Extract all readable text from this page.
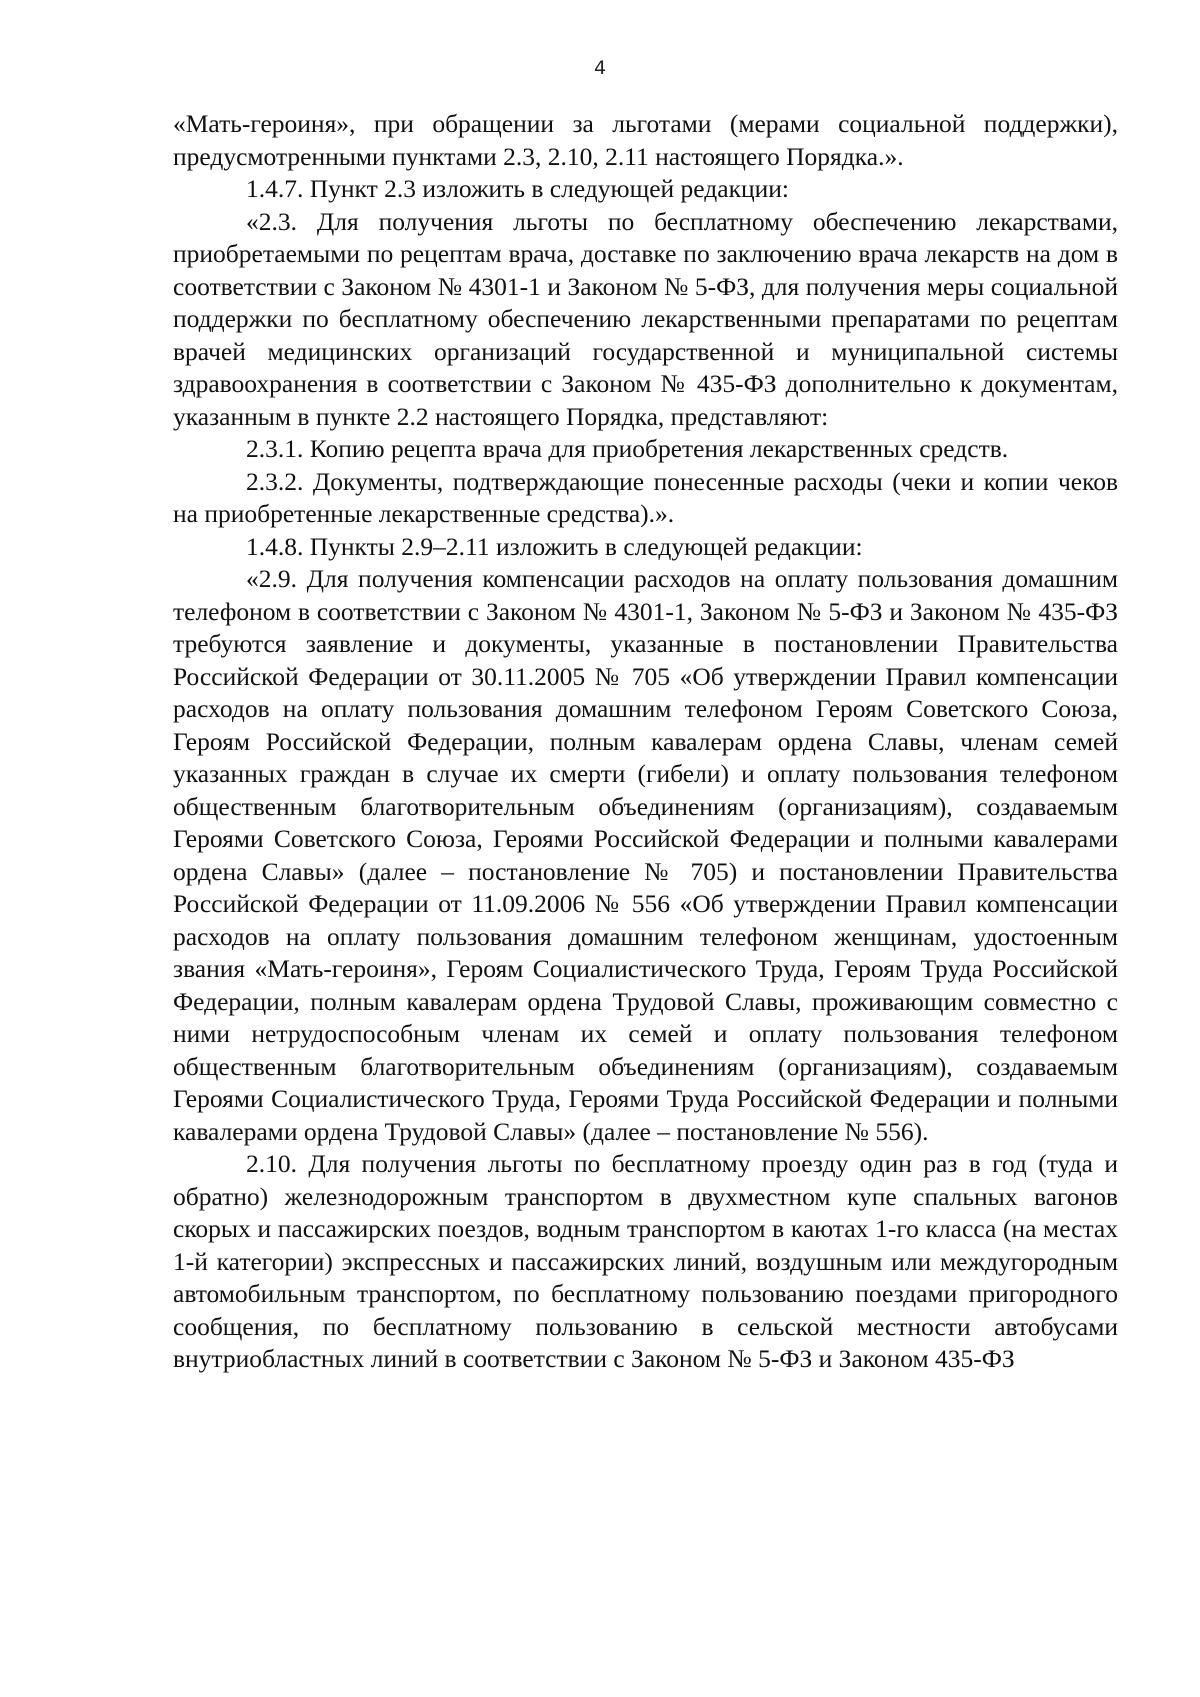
4

«Мать-героиня», при обращении за льготами (мерами социальной поддержки), предусмотренными пунктами 2.3, 2.10, 2.11 настоящего Порядка.».

1.4.7. Пункт 2.3 изложить в следующей редакции:

«2.3. Для получения льготы по бесплатному обеспечению лекарствами, приобретаемыми по рецептам врача, доставке по заключению врача лекарств на дом в соответствии с Законом № 4301-1 и Законом № 5-ФЗ, для получения меры социальной поддержки по бесплатному обеспечению лекарственными препаратами по рецептам врачей медицинских организаций государственной и муниципальной системы здравоохранения в соответствии с Законом № 435-ФЗ дополнительно к документам, указанным в пункте 2.2 настоящего Порядка, представляют:

2.3.1. Копию рецепта врача для приобретения лекарственных средств.

2.3.2. Документы, подтверждающие понесенные расходы (чеки и копии чеков на приобретенные лекарственные средства).».

1.4.8. Пункты 2.9–2.11 изложить в следующей редакции:

«2.9. Для получения компенсации расходов на оплату пользования домашним телефоном в соответствии с Законом № 4301-1, Законом № 5-ФЗ и Законом № 435-ФЗ требуются заявление и документы, указанные в постановлении Правительства Российской Федерации от 30.11.2005 № 705 «Об утверждении Правил компенсации расходов на оплату пользования домашним телефоном Героям Советского Союза, Героям Российской Федерации, полным кавалерам ордена Славы, членам семей указанных граждан в случае их смерти (гибели) и оплату пользования телефоном общественным благотворительным объединениям (организациям), создаваемым Героями Советского Союза, Героями Российской Федерации и полными кавалерами ордена Славы» (далее – постановление № 705) и постановлении Правительства Российской Федерации от 11.09.2006 № 556 «Об утверждении Правил компенсации расходов на оплату пользования домашним телефоном женщинам, удостоенным звания «Мать-героиня», Героям Социалистического Труда, Героям Труда Российской Федерации, полным кавалерам ордена Трудовой Славы, проживающим совместно с ними нетрудоспособным членам их семей и оплату пользования телефоном общественным благотворительным объединениям (организациям), создаваемым Героями Социалистического Труда, Героями Труда Российской Федерации и полными кавалерами ордена Трудовой Славы» (далее – постановление № 556).

2.10. Для получения льготы по бесплатному проезду один раз в год (туда и обратно) железнодорожным транспортом в двухместном купе спальных вагонов скорых и пассажирских поездов, водным транспортом в каютах 1-го класса (на местах 1-й категории) экспрессных и пассажирских линий, воздушным или междугородным автомобильным транспортом, по бесплатному пользованию поездами пригородного сообщения, по бесплатному пользованию в сельской местности автобусами внутриобластных линий в соответствии с Законом № 5-ФЗ и Законом 435-ФЗ
